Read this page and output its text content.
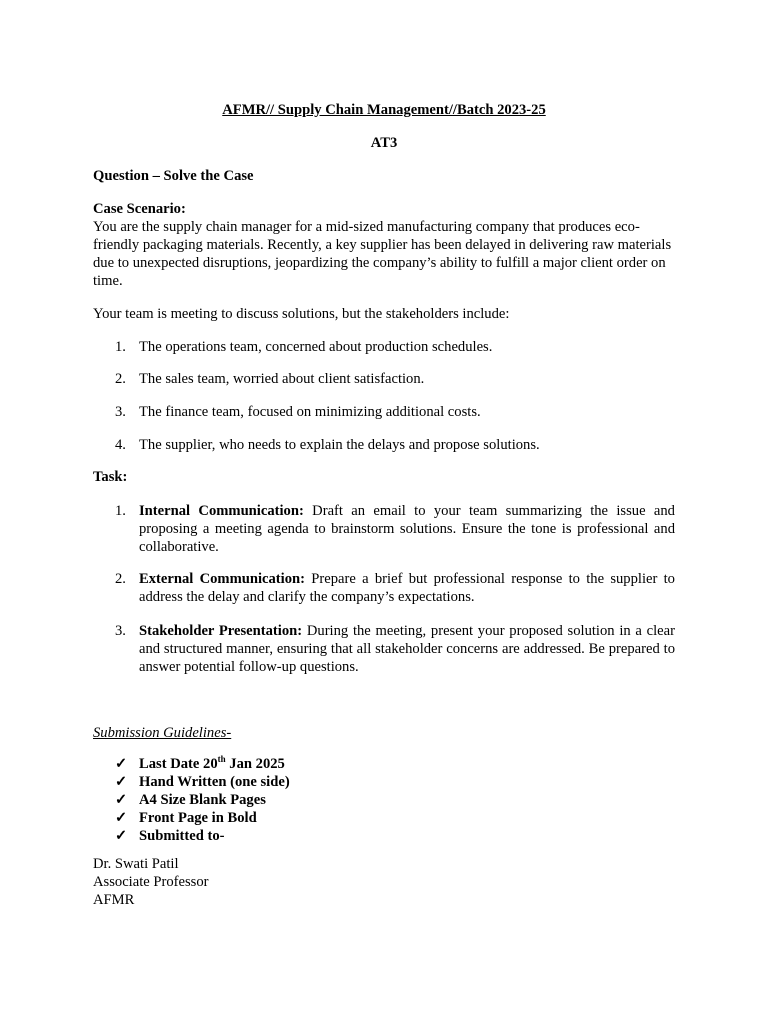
AFMR// Supply Chain Management//Batch 2023-25
AT3
Question – Solve the Case
Case Scenario:
You are the supply chain manager for a mid-sized manufacturing company that produces eco-friendly packaging materials. Recently, a key supplier has been delayed in delivering raw materials due to unexpected disruptions, jeopardizing the company’s ability to fulfill a major client order on time.
Your team is meeting to discuss solutions, but the stakeholders include:
1. The operations team, concerned about production schedules.
2. The sales team, worried about client satisfaction.
3. The finance team, focused on minimizing additional costs.
4. The supplier, who needs to explain the delays and propose solutions.
Task:
1. Internal Communication: Draft an email to your team summarizing the issue and proposing a meeting agenda to brainstorm solutions. Ensure the tone is professional and collaborative.
2. External Communication: Prepare a brief but professional response to the supplier to address the delay and clarify the company’s expectations.
3. Stakeholder Presentation: During the meeting, present your proposed solution in a clear and structured manner, ensuring that all stakeholder concerns are addressed. Be prepared to answer potential follow-up questions.
Submission Guidelines-
✓ Last Date 20th Jan 2025
✓ Hand Written (one side)
✓ A4 Size Blank Pages
✓ Front Page in Bold
✓ Submitted to-
Dr. Swati Patil
Associate Professor
AFMR
